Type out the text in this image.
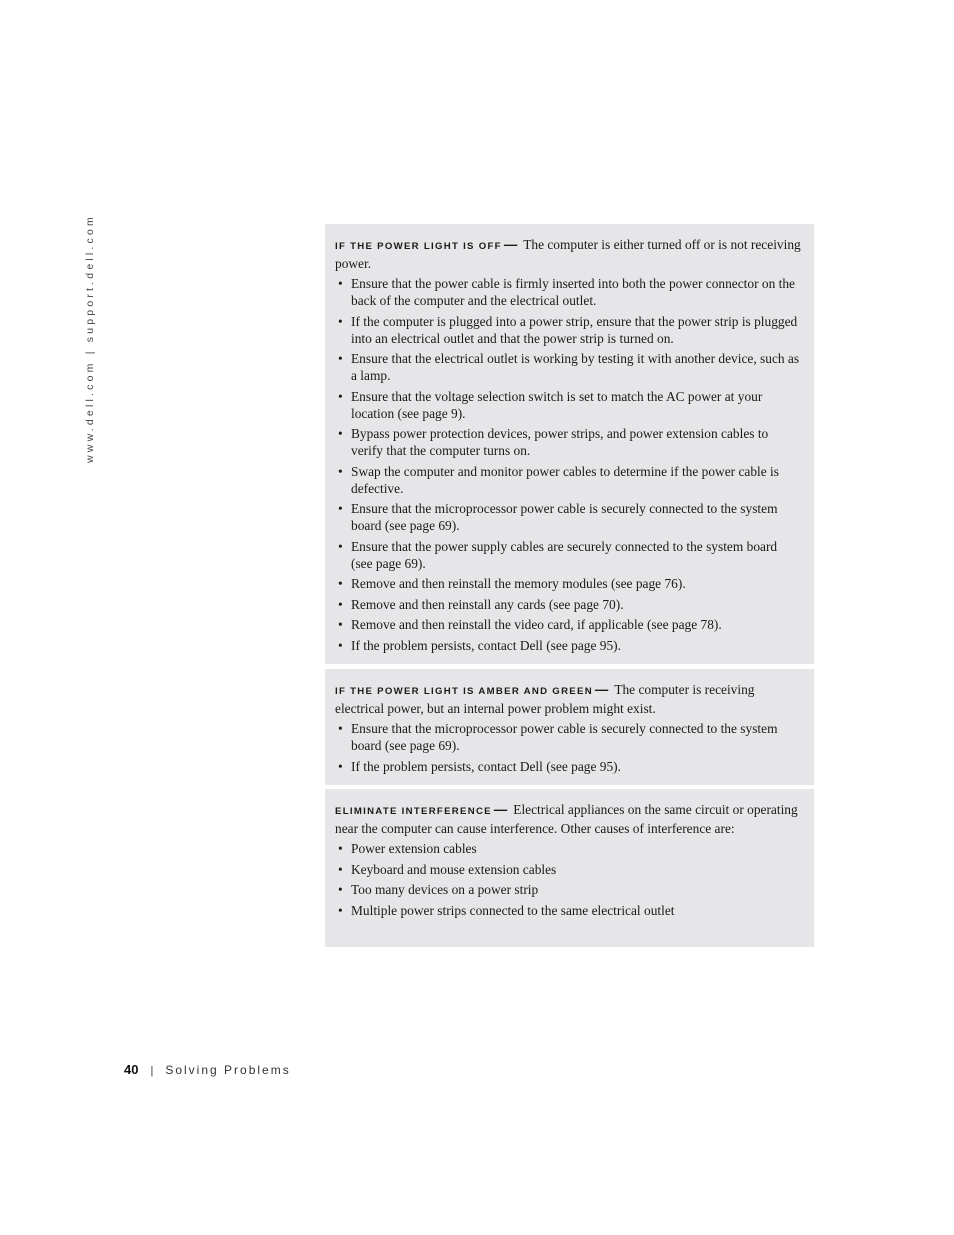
www.dell.com | support.dell.com	IF THE POWER LIGHT IS OFF — The computer is either turned off or is not receiving power.

• Ensure that the power cable is firmly inserted into both the power connector on the back of the computer and the electrical outlet.
• If the computer is plugged into a power strip, ensure that the power strip is plugged into an electrical outlet and that the power strip is turned on.
• Ensure that the electrical outlet is working by testing it with another device, such as a lamp.
• Ensure that the voltage selection switch is set to match the AC power at your location (see page 9).
• Bypass power protection devices, power strips, and power extension cables to verify that the computer turns on.
• Swap the computer and monitor power cables to determine if the power cable is defective.
• Ensure that the microprocessor power cable is securely connected to the system board (see page 69).
• Ensure that the power supply cables are securely connected to the system board (see page 69).
• Remove and then reinstall the memory modules (see page 76).
• Remove and then reinstall any cards (see page 70).
• Remove and then reinstall the video card, if applicable (see page 78).
• If the problem persists, contact Dell (see page 95).

IF THE POWER LIGHT IS AMBER AND GREEN — The computer is receiving electrical power, but an internal power problem might exist.

• Ensure that the microprocessor power cable is securely connected to the system board (see page 69).
• If the problem persists, contact Dell (see page 95).

ELIMINATE INTERFERENCE — Electrical appliances on the same circuit or operating near the computer can cause interference. Other causes of interference are:

• Power extension cables
• Keyboard and mouse extension cables
• Too many devices on a power strip
• Multiple power strips connected to the same electrical outlet
40 | Solving Problems
